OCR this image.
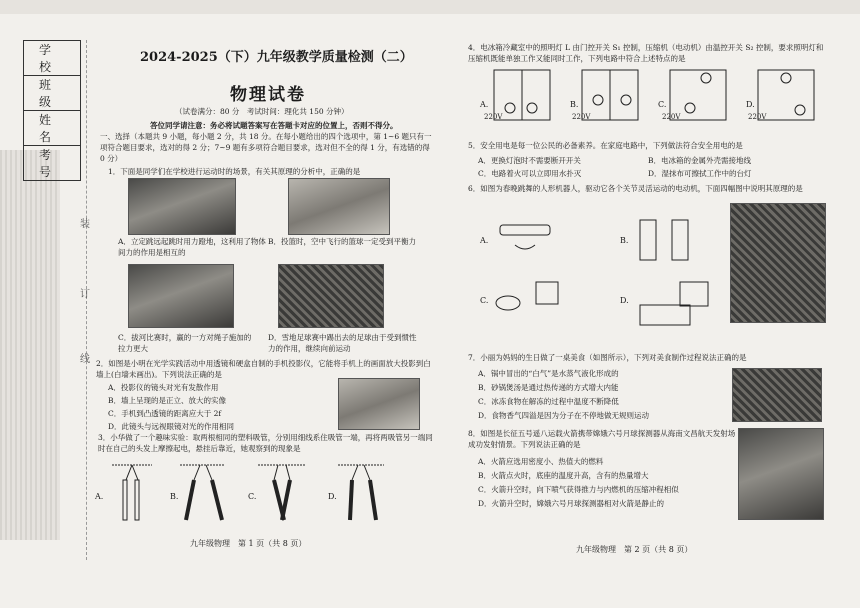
学 校
班 级
姓 名
考 号
装
订
线
2024-2025（下）九年级教学质量检测（二）
物理试卷
（试卷满分：80 分　考试时间：理化共 150 分钟）
答位同学请注意：务必将试题答案写在答题卡对应的位置上，否则不得分。
一、选择（本题共 9 小题，每小题 2 分，共 18 分。在每小题给出的四个选项中，第 1~6 题只有一项符合题目要求，选对的得 2 分；7~9 题有多项符合题目要求，选对但不全的得 1 分，有选错的得 0 分）
1．下面是同学们在学校进行运动时的场景，有关其原理的分析中，正确的是
A．立定跳远起跳时用力蹬地，这利用了物体间力的作用是相互的
B．投篮时，空中飞行的篮球一定受到平衡力
C．拔河比赛时，赢的一方对绳子施加的拉力更大
D．雪地足球赛中踢出去的足球由于受到惯性力的作用，继续向前运动
2．如图是小明在光学实践活动中用透镜和硬盒自制的手机投影仪，它能将手机上的画面放大投影到白墙上(白墙未画出)。下列说法正确的是
A．投影仪的镜头对光有发散作用
B．墙上呈现的是正立、放大的实像
C．手机到凸透镜的距离应大于 2f
D．此镜头与远视眼镜对光的作用相同
3．小华做了一个趣味实验：取两根相同的塑料吸管，分别用细线系住吸管一端，再将两吸管另一端同时在自己的头发上摩擦起电，悬挂后靠近，她观察到的现象是
A.	B.	C.	D.
九年级物理　第 1 页（共 8 页）
4．电冰箱冷藏室中的照明灯 L 由门控开关 S₁ 控制，压缩机（电动机）由温控开关 S₂ 控制，要求照明灯和压缩机既能单独工作又能同时工作，下列电路中符合上述特点的是
A.	B.	C.	D.
220V	220V	220V	220V
5．安全用电是每一位公民的必备素养。在家庭电路中，下列做法符合安全用电的是
A．更换灯泡时不需要断开开关	B．电冰箱的金属外壳需接地线
C．电路着火可以立即用水扑灭	D．湿抹布可擦拭工作中的台灯
6．如图为春晚跳舞的人形机器人，驱动它各个关节灵活运动的电动机，下面四幅图中说明其原理的是
A.	B.
C.	D.
7．小丽为妈妈的生日做了一桌美食（如图所示），下列对美食制作过程说法正确的是
A．锅中冒出的“白气”是水蒸气液化形成的
B．砂锅煲汤是通过热传递的方式增大内能
C．冰冻食物在解冻的过程中温度不断降低
D．食物香气四溢是因为分子在不停地做无规则运动
8．如图是长征五号遥八运载火箭携带嫦娥六号月球探测器从海南文昌航天发射场成功发射情景。下列说法正确的是
A．火箭应选用密度小、热值大的燃料
B．火箭点火时，底座的温度升高，含有的热量增大
C．火箭升空时，向下喷气获得推力与内燃机的压缩冲程相似
D．火箭升空时，嫦娥六号月球探测器相对火箭是静止的
九年级物理　第 2 页（共 8 页）
